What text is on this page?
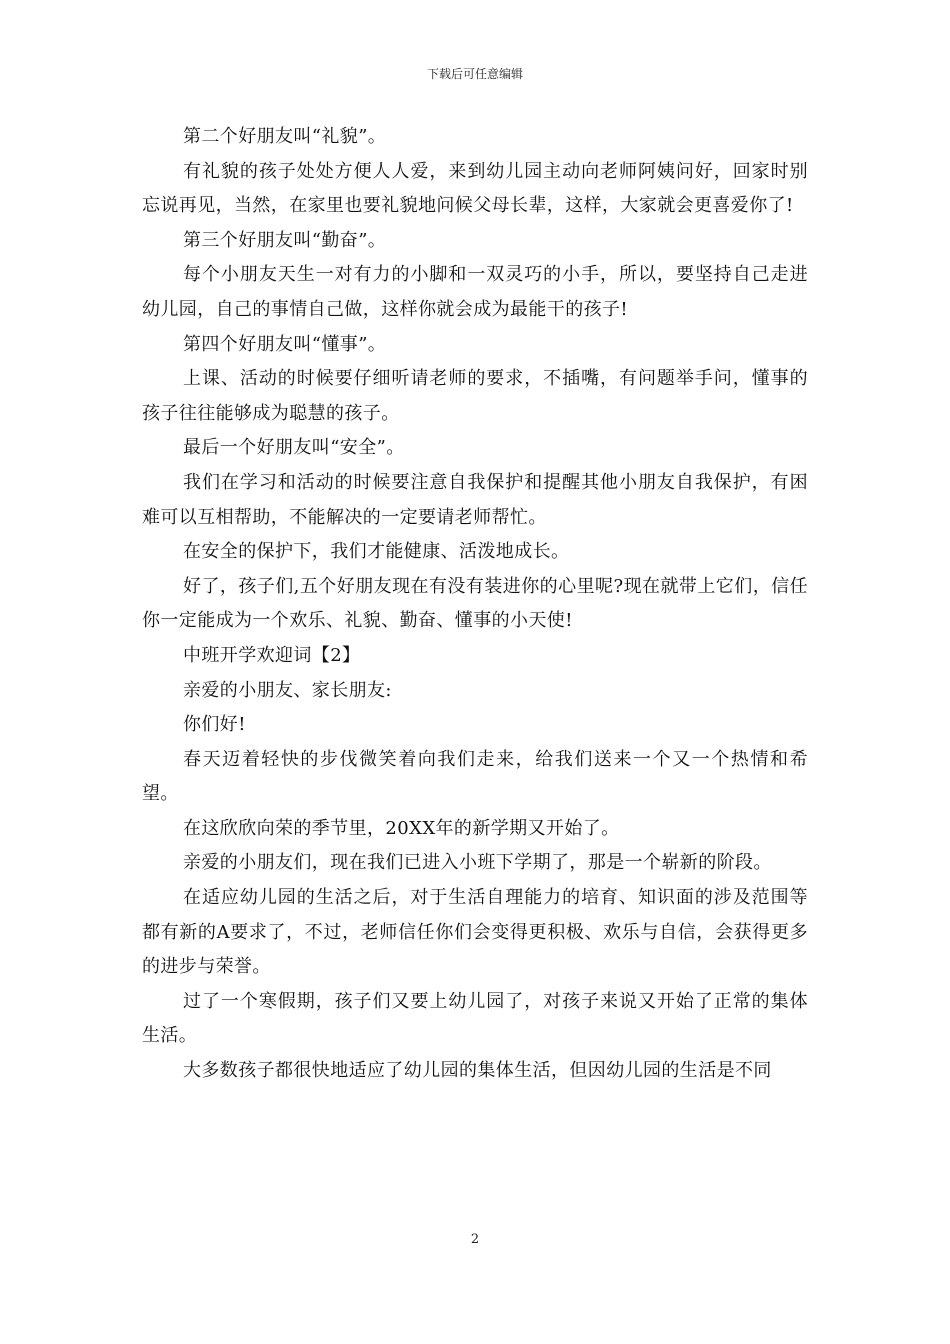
下载后可任意编辑

第二个好朋友叫“礼貌”。

有礼貌的孩子处处方便人人爱，来到幼儿园主动向老师阿姨问好，回家时别忘说再见，当然，在家里也要礼貌地问候父母长辈，这样，大家就会更喜爱你了!

第三个好朋友叫“勤奋”。

每个小朋友天生一对有力的小脚和一双灵巧的小手，所以，要坚持自己走进幼儿园，自己的事情自己做，这样你就会成为最能干的孩子!

第四个好朋友叫“懂事”。

上课、活动的时候要仔细听请老师的要求，不插嘴，有问题举手问，懂事的孩子往往能够成为聪慧的孩子。

最后一个好朋友叫“安全”。

我们在学习和活动的时候要注意自我保护和提醒其他小朋友自我保护，有困难可以互相帮助，不能解决的一定要请老师帮忙。

在安全的保护下，我们才能健康、活泼地成长。

好了，孩子们,五个好朋友现在有没有装进你的心里呢?现在就带上它们，信任你一定能成为一个欢乐、礼貌、勤奋、懂事的小天使!

中班开学欢迎词【2】

亲爱的小朋友、家长朋友:

你们好!

春天迈着轻快的步伐微笑着向我们走来，给我们送来一个又一个热情和希望。

在这欣欣向荣的季节里，20XX年的新学期又开始了。

亲爱的小朋友们，现在我们已进入小班下学期了，那是一个崭新的阶段。

在适应幼儿园的生活之后，对于生活自理能力的培育、知识面的涉及范围等都有新的A要求了，不过，老师信任你们会变得更积极、欢乐与自信，会获得更多的进步与荣誉。

过了一个寒假期，孩子们又要上幼儿园了，对孩子来说又开始了正常的集体生活。

大多数孩子都很快地适应了幼儿园的集体生活，但因幼儿园的生活是不同

2
